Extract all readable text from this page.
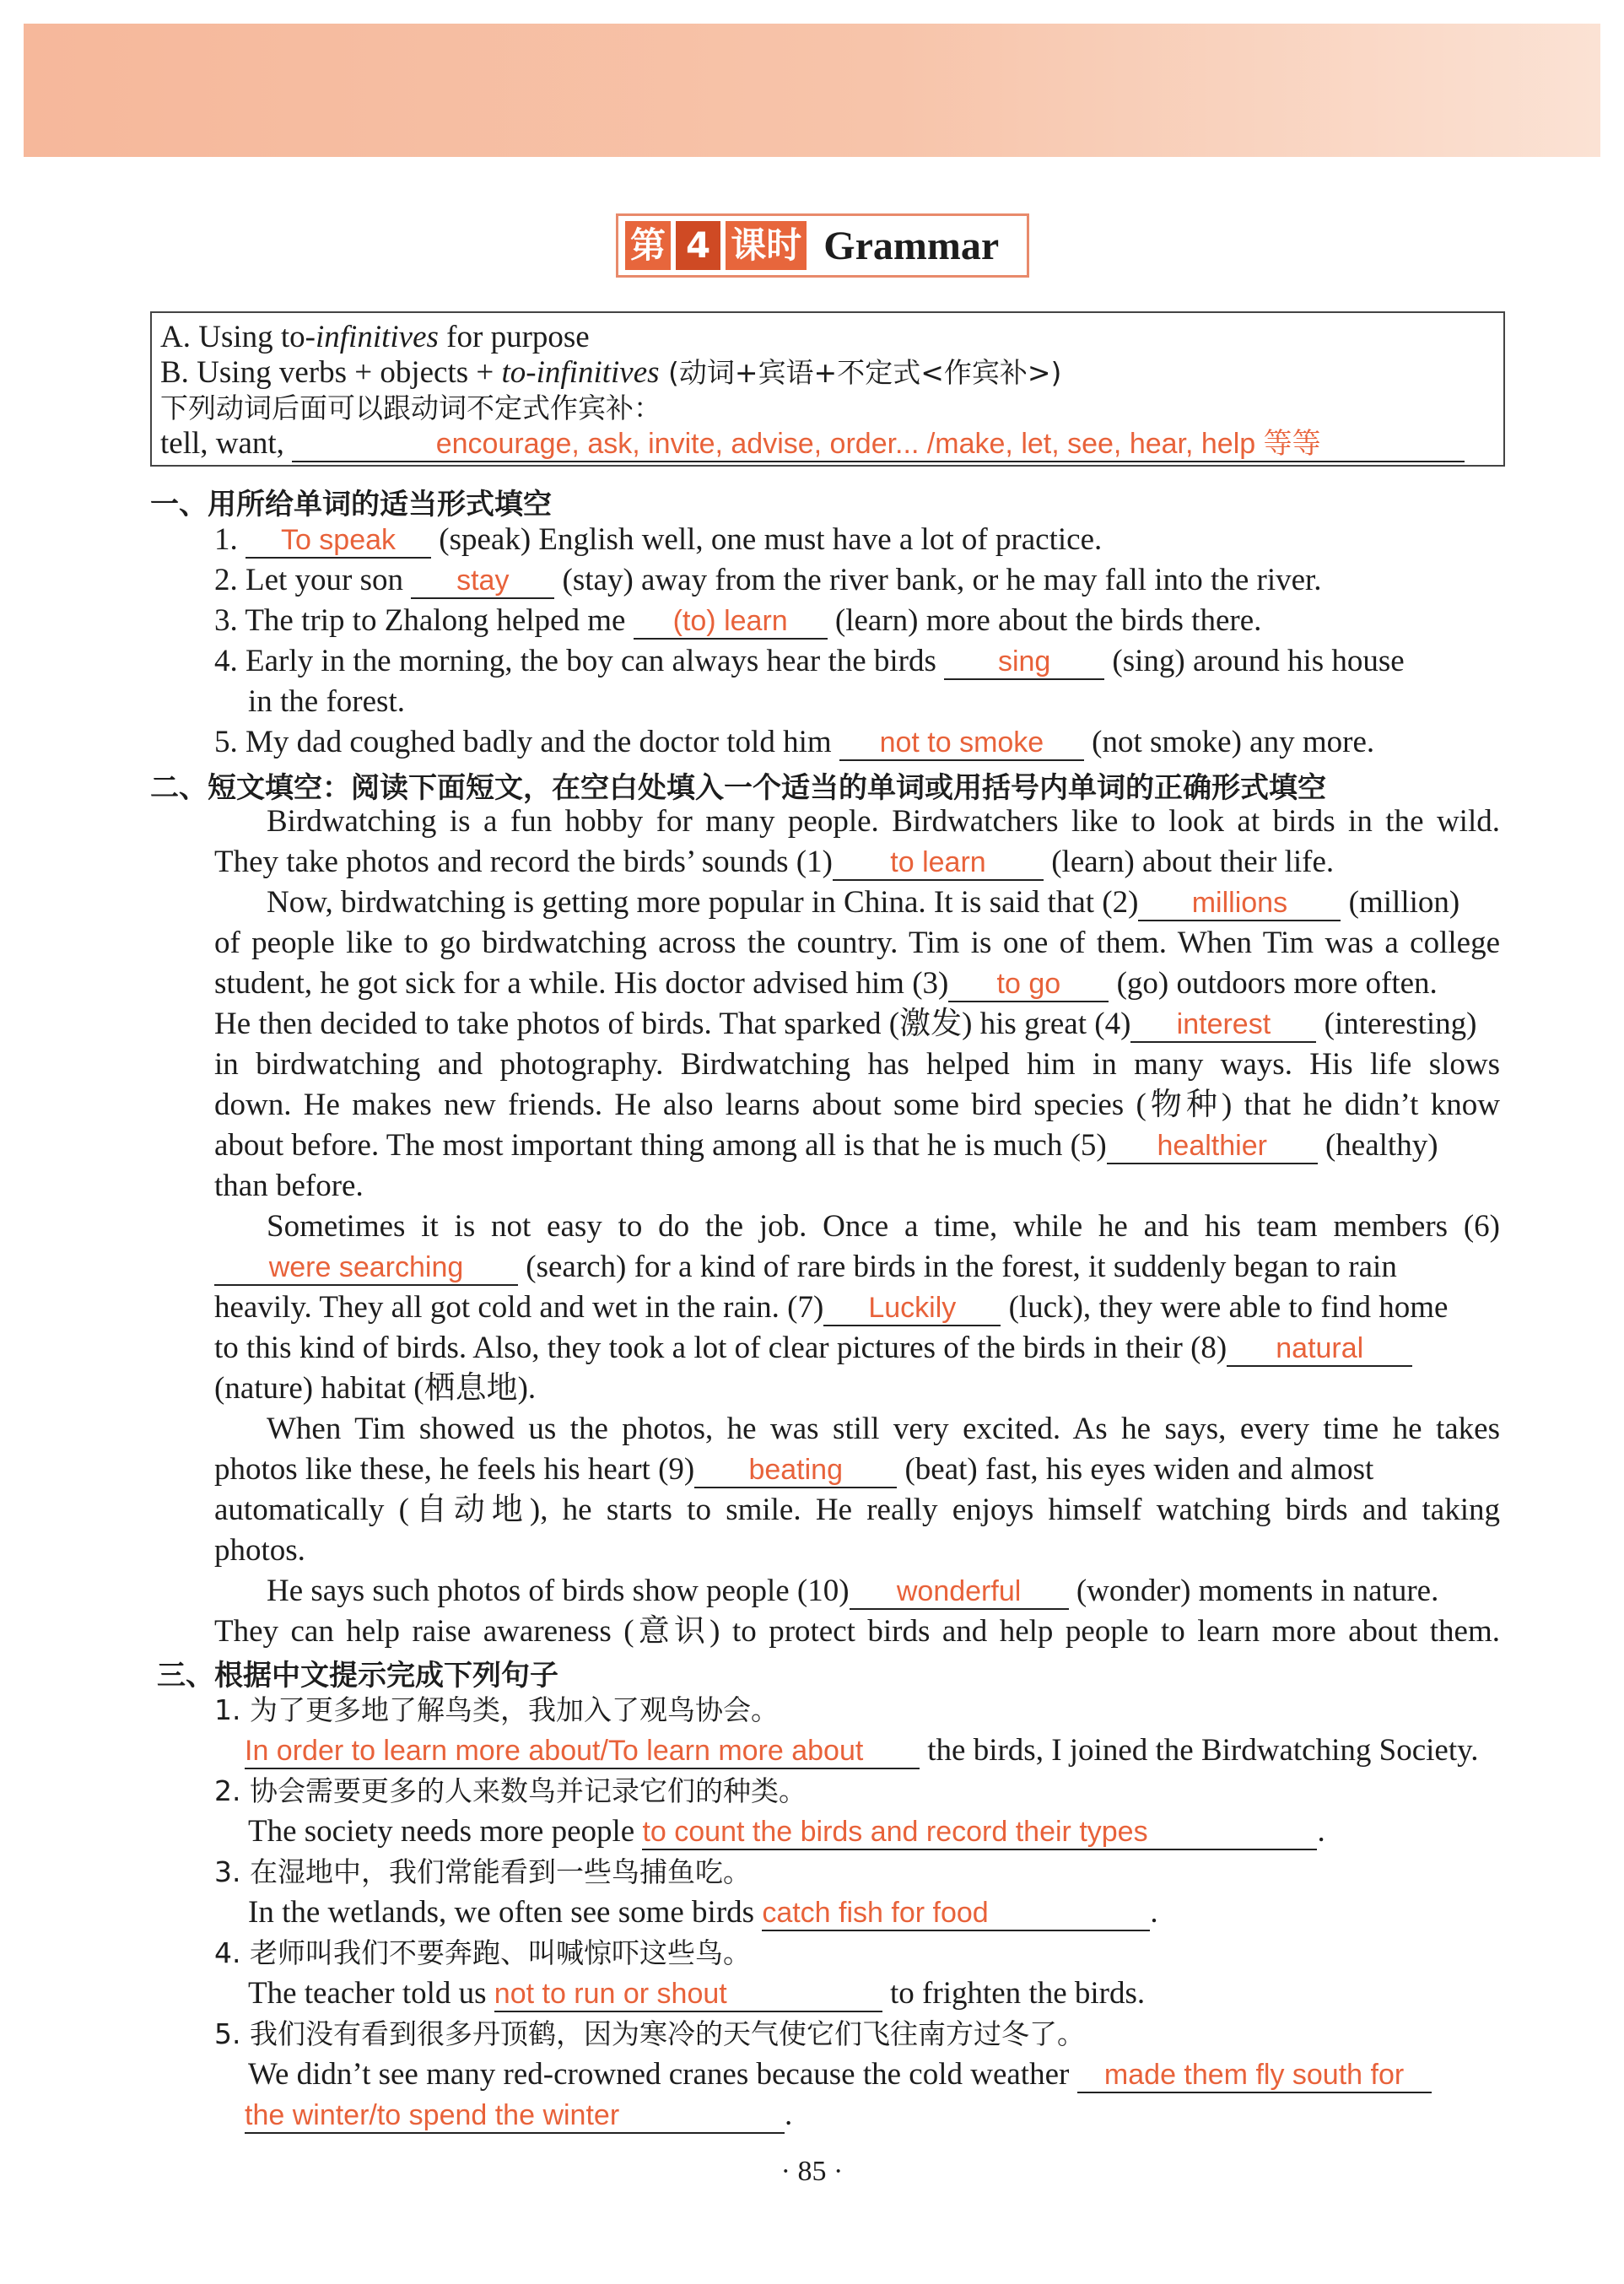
第 4 课时 Grammar
A. Using to-infinitives for purpose
B. Using verbs + objects + to-infinitives (动词+宾语+不定式<作宾补>)
下列动词后面可以跟动词不定式作宾补：
tell, want,	encourage, ask, invite, advise, order... /make, let, see, hear, help 等等
一、用所给单词的适当形式填空
1. To speak (speak) English well, one must have a lot of practice.
2. Let your son stay (stay) away from the river bank, or he may fall into the river.
3. The trip to Zhalong helped me (to) learn (learn) more about the birds there.
4. Early in the morning, the boy can always hear the birds sing (sing) around his house
in the forest.
5. My dad coughed badly and the doctor told him not to smoke (not smoke) any more.
二、短文填空：阅读下面短文，在空白处填入一个适当的单词或用括号内单词的正确形式填空
Birdwatching is a fun hobby for many people. Birdwatchers like to look at birds in the wild.
They take photos and record the birds’ sounds (1) to learn (learn) about their life.
Now, birdwatching is getting more popular in China. It is said that (2) millions (million)
of people like to go birdwatching across the country. Tim is one of them. When Tim was a college
student, he got sick for a while. His doctor advised him (3) to go (go) outdoors more often.
He then decided to take photos of birds. That sparked (激发) his great (4) interest (interesting)
in birdwatching and photography. Birdwatching has helped him in many ways. His life slows
down. He makes new friends. He also learns about some bird species (物种) that he didn’t know
about before. The most important thing among all is that he is much (5) healthier (healthy)
than before.
Sometimes it is not easy to do the job. Once a time, while he and his team members (6)
were searching (search) for a kind of rare birds in the forest, it suddenly began to rain
heavily. They all got cold and wet in the rain. (7) Luckily (luck), they were able to find home
to this kind of birds. Also, they took a lot of clear pictures of the birds in their (8) natural
(nature) habitat (栖息地).
When Tim showed us the photos, he was still very excited. As he says, every time he takes
photos like these, he feels his heart (9) beating (beat) fast, his eyes widen and almost
automatically (自动地), he starts to smile. He really enjoys himself watching birds and taking
photos.
He says such photos of birds show people (10) wonderful (wonder) moments in nature.
They can help raise awareness (意识) to protect birds and help people to learn more about them.
三、根据中文提示完成下列句子
1. 为了更多地了解鸟类，我加入了观鸟协会。
In order to learn more about/To learn more about the birds, I joined the Birdwatching Society.
2. 协会需要更多的人来数鸟并记录它们的种类。
The society needs more people to count the birds and record their types	.
3. 在湿地中，我们常能看到一些鸟捕鱼吃。
In the wetlands, we often see some birds catch fish for food	.
4. 老师叫我们不要奔跑、叫喊惊吓这些鸟。
The teacher told us not to run or shout	to frighten the birds.
5. 我们没有看到很多丹顶鹤，因为寒冷的天气使它们飞往南方过冬了。
We didn’t see many red-crowned cranes because the cold weather made them fly south for
the winter/to spend the winter	.
· 85 ·
